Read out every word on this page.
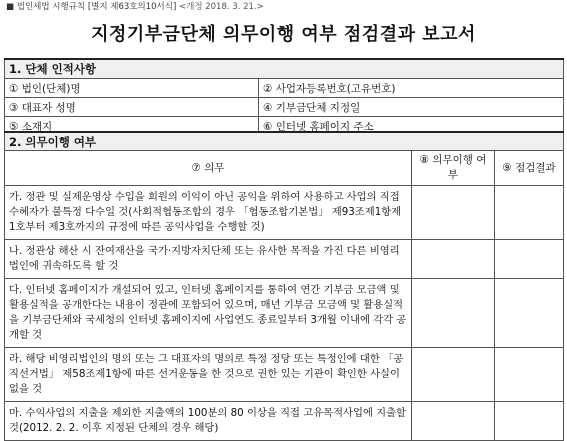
■ 법인세법 시행규칙 [별지 제63호의10서식] <개정 2018. 3. 21.>
지정기부금단체 의무이행 여부 점검결과 보고서
1. 단체 인적사항	
① 법인(단체)명	② 사업자등록번호(고유번호)
③ 대표자 성명	④ 기부금단체 지정일
⑤ 소재지	⑥ 인터넷 홈페이지 주소
2. 의무이행 여부		
⑦ 의무	⑧ 의무이행 여부	⑨ 점검결과
가. 정관 및 실제운영상 수입을 회원의 이익이 아닌 공익을 위하여 사용하고 사업의 직접 수혜자가 불특정 다수일 것(사회적협동조합의 경우 「협동조합기본법」 제93조제1항제1호부터 제3호까지의 규정에 따른 공익사업을 수행할 것)		
나. 정관상 해산 시 잔여재산을 국가·지방자치단체 또는 유사한 목적을 가진 다른 비영리법인에 귀속하도록 할 것		
다. 인터넷 홈페이지가 개설되어 있고, 인터넷 홈페이지를 통하여 연간 기부금 모금액 및 활용실적을 공개한다는 내용이 정관에 포함되어 있으며, 매년 기부금 모금액 및 활용실적을 기부금단체와 국세청의 인터넷 홈페이지에 사업연도 종료일부터 3개월 이내에 각각 공개할 것		
라. 해당 비영리법인의 명의 또는 그 대표자의 명의로 특정 정당 또는 특정인에 대한 「공직선거법」 제58조제1항에 따른 선거운동을 한 것으로 권한 있는 기관이 확인한 사실이 없을 것		
마. 수익사업의 지출을 제외한 지출액의 100분의 80 이상을 직접 고유목적사업에 지출할 것(2012. 2. 2. 이후 지정된 단체의 경우 해당)		
